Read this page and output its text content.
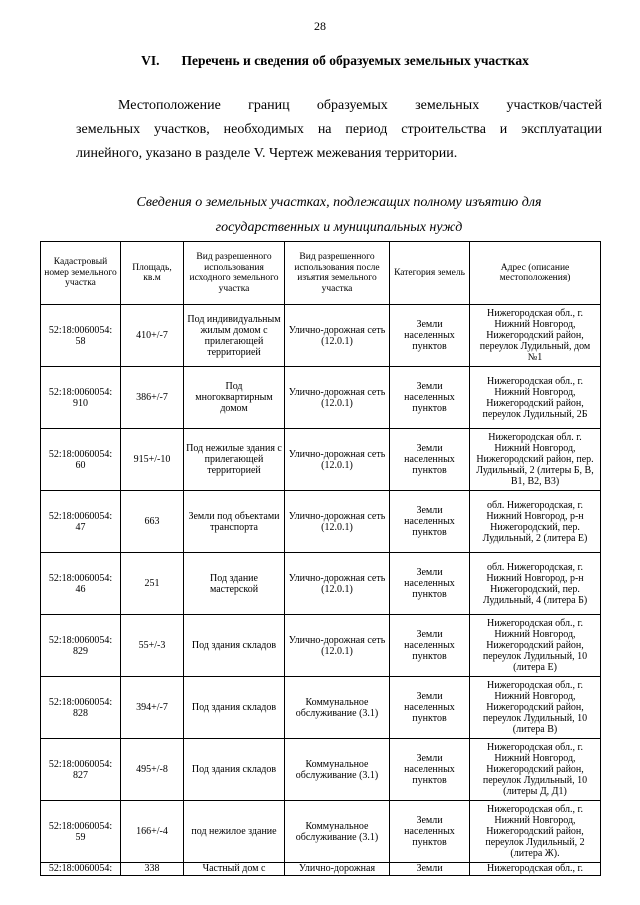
28
VI. Перечень и сведения об образуемых земельных участках
Местоположение границ образуемых земельных участков/частей
земельных участков, необходимых на период строительства и эксплуатации
линейного, указано в разделе V. Чертеж межевания территории.
Сведения о земельных участках, подлежащих полному изъятию для
государственных и муниципальных нужд
Кадастровый номер земельного участка	Площадь, кв.м	Вид разрешенного использования исходного земельного участка	Вид разрешенного использования после изъятия земельного участка	Категория земель	Адрес (описание местоположения)
52:18:0060054: 58	410+/-7	Под индивидуальным жилым домом с прилегающей территорией	Улично-дорожная сеть (12.0.1)	Земли населенных пунктов	Нижегородская обл., г. Нижний Новгород, Нижегородский район, переулок Лудильный, дом №1
52:18:0060054: 910	386+/-7	Под многоквартирным домом	Улично-дорожная сеть (12.0.1)	Земли населенных пунктов	Нижегородская обл., г. Нижний Новгород, Нижегородский район, переулок Лудильный, 2Б
52:18:0060054: 60	915+/-10	Под нежилые здания с прилегающей территорией	Улично-дорожная сеть (12.0.1)	Земли населенных пунктов	Нижегородская обл. г. Нижний Новгород, Нижегородский район, пер. Лудильный, 2 (литеры Б, В, В1, В2, В3)
52:18:0060054: 47	663	Земли под объектами транспорта	Улично-дорожная сеть (12.0.1)	Земли населенных пунктов	обл. Нижегородская, г. Нижний Новгород, р-н Нижегородский, пер. Лудильный, 2 (литера Е)
52:18:0060054: 46	251	Под здание мастерской	Улично-дорожная сеть (12.0.1)	Земли населенных пунктов	обл. Нижегородская, г. Нижний Новгород, р-н Нижегородский, пер. Лудильный, 4 (литера Б)
52:18:0060054: 829	55+/-3	Под здания складов	Улично-дорожная сеть (12.0.1)	Земли населенных пунктов	Нижегородская обл., г. Нижний Новгород, Нижегородский район, переулок Лудильный, 10 (литера Е)
52:18:0060054: 828	394+/-7	Под здания складов	Коммунальное обслуживание (3.1)	Земли населенных пунктов	Нижегородская обл., г. Нижний Новгород, Нижегородский район, переулок Лудильный, 10 (литера В)
52:18:0060054: 827	495+/-8	Под здания складов	Коммунальное обслуживание (3.1)	Земли населенных пунктов	Нижегородская обл., г. Нижний Новгород, Нижегородский район, переулок Лудильный, 10 (литеры Д, Д1)
52:18:0060054: 59	166+/-4	под нежилое здание	Коммунальное обслуживание (3.1)	Земли населенных пунктов	Нижегородская обл., г. Нижний Новгород, Нижегородский район, переулок Лудильный, 2 (литера Ж).
52:18:0060054:	338	Частный дом с	Улично-дорожная	Земли	Нижегородская обл., г.
